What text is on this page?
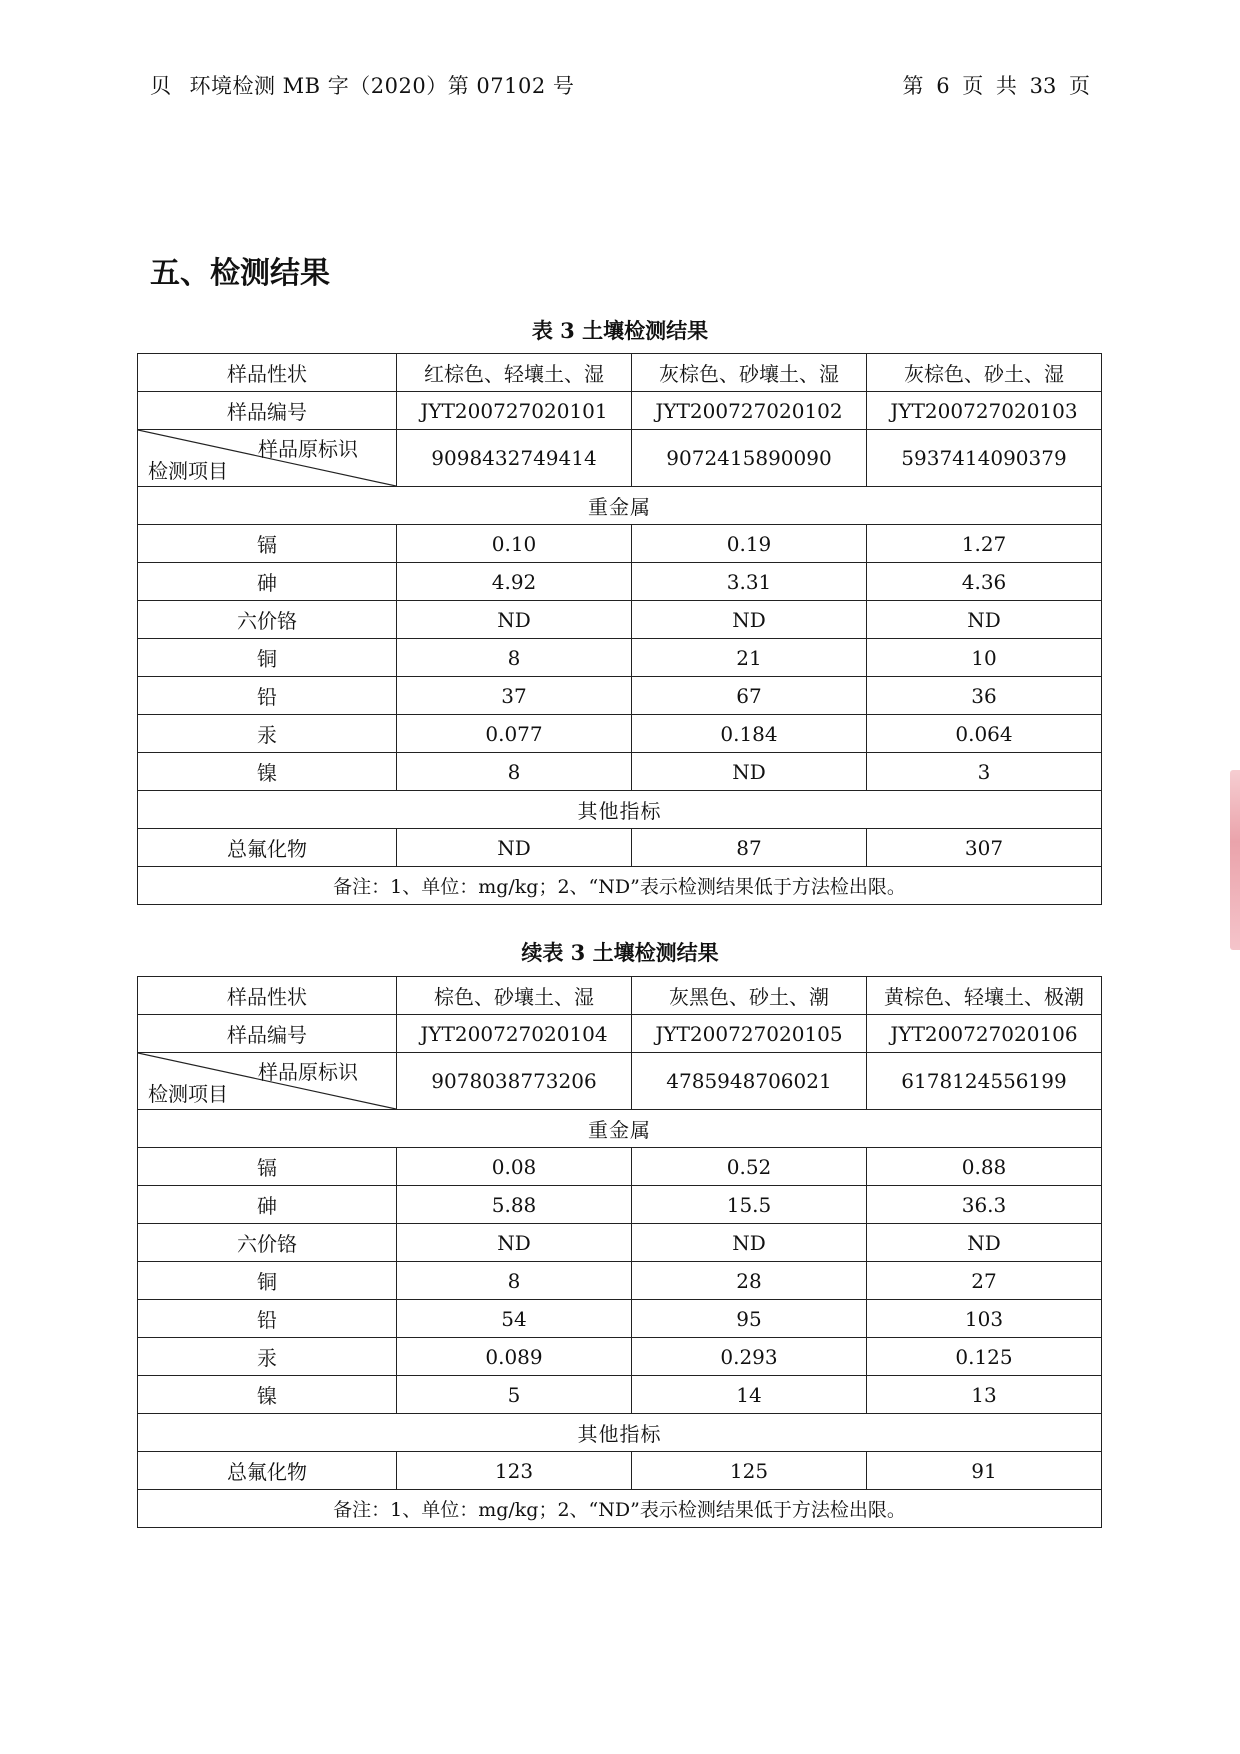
贝 环境检测 MB 字（2020）第 07102 号	第 6 页 共 33 页
五、检测结果
表 3 土壤检测结果
样品性状	红棕色、轻壤土、湿	灰棕色、砂壤土、湿	灰棕色、砂土、湿
样品编号	JYT200727020101	JYT200727020102	JYT200727020103

样品原标识
检测项目	9098432749414	9072415890090	5937414090379
重金属			
镉	0.10	0.19	1.27
砷	4.92	3.31	4.36
六价铬	ND	ND	ND
铜	8	21	10
铅	37	67	36
汞	0.077	0.184	0.064
镍	8	ND	3
其他指标			
总氟化物	ND	87	307
备注：1、单位：mg/kg；2、“ND”表示检测结果低于方法检出限。			
续表 3 土壤检测结果
样品性状	棕色、砂壤土、湿	灰黑色、砂土、潮	黄棕色、轻壤土、极潮
样品编号	JYT200727020104	JYT200727020105	JYT200727020106

样品原标识
检测项目	9078038773206	4785948706021	6178124556199
重金属			
镉	0.08	0.52	0.88
砷	5.88	15.5	36.3
六价铬	ND	ND	ND
铜	8	28	27
铅	54	95	103
汞	0.089	0.293	0.125
镍	5	14	13
其他指标			
总氟化物	123	125	91
备注：1、单位：mg/kg；2、“ND”表示检测结果低于方法检出限。			
